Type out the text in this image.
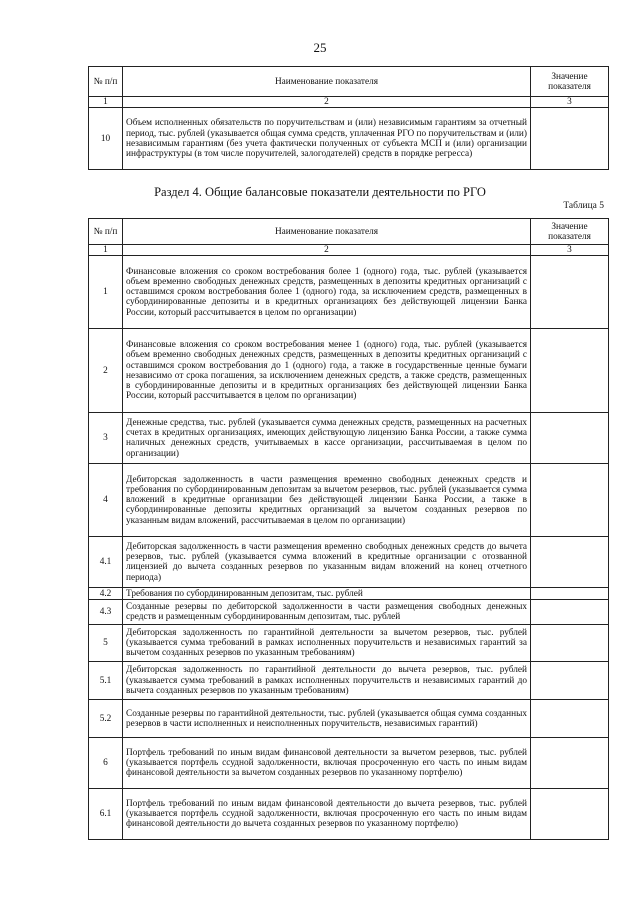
25
№ п/п	Наименование показателя	Значение показателя
1	2	3
10	Объем исполненных обязательств по поручительствам и (или) независимым гарантиям за отчетный период, тыс. рублей (указывается общая сумма средств, уплаченная РГО по поручительствам и (или) независимым гарантиям (без учета фактически полученных от субъекта МСП и (или) организации инфраструктуры (в том числе поручителей, залогодателей) средств в порядке регресса)	
Раздел 4. Общие балансовые показатели деятельности по РГО
Таблица 5
№ п/п	Наименование показателя	Значение показателя
1	2	3
1	Финансовые вложения со сроком востребования более 1 (одного) года, тыс. рублей (указывается объем временно свободных денежных средств, размещенных в депозиты кредитных организаций с оставшимся сроком востребования более 1 (одного) года, за исключением средств, размещенных в субординированные депозиты и в кредитных организациях без действующей лицензии Банка России, который рассчитывается в целом по организации)	
2	Финансовые вложения со сроком востребования менее 1 (одного) года, тыс. рублей (указывается объем временно свободных денежных средств, размещенных в депозиты кредитных организаций с оставшимся сроком востребования до 1 (одного) года, а также в государственные ценные бумаги независимо от срока погашения, за исключением денежных средств, а также средств, размещенных в субординированные депозиты и в кредитных организациях без действующей лицензии Банка России, который рассчитывается в целом по организации)	
3	Денежные средства, тыс. рублей (указывается сумма денежных средств, размещенных на расчетных счетах в кредитных организациях, имеющих действующую лицензию Банка России, а также сумма наличных денежных средств, учитываемых в кассе организации, рассчитываемая в целом по организации)	
4	Дебиторская задолженность в части размещения временно свободных денежных средств и требования по субординированным депозитам за вычетом резервов, тыс. рублей (указывается сумма вложений в кредитные организации без действующей лицензии Банка России, а также в субординированные депозиты кредитных организаций за вычетом созданных резервов по указанным видам вложений, рассчитываемая в целом по организации)	
4.1	Дебиторская задолженность в части размещения временно свободных денежных средств до вычета резервов, тыс. рублей (указывается сумма вложений в кредитные организации с отозванной лицензией до вычета созданных резервов по указанным видам вложений на конец отчетного периода)	
4.2	Требования по субординированным депозитам, тыс. рублей	
4.3	Созданные резервы по дебиторской задолженности в части размещения свободных денежных средств и размещенным субординированным депозитам, тыс. рублей	
5	Дебиторская задолженность по гарантийной деятельности за вычетом резервов, тыс. рублей (указывается сумма требований в рамках исполненных поручительств и независимых гарантий за вычетом созданных резервов по указанным требованиям)	
5.1	Дебиторская задолженность по гарантийной деятельности до вычета резервов, тыс. рублей (указывается сумма требований в рамках исполненных поручительств и независимых гарантий до вычета созданных резервов по указанным требованиям)	
5.2	Созданные резервы по гарантийной деятельности, тыс. рублей (указывается общая сумма созданных резервов в части исполненных и неисполненных поручительств, независимых гарантий)	
6	Портфель требований по иным видам финансовой деятельности за вычетом резервов, тыс. рублей (указывается портфель ссудной задолженности, включая просроченную его часть по иным видам финансовой деятельности за вычетом созданных резервов по указанному портфелю)	
6.1	Портфель требований по иным видам финансовой деятельности до вычета резервов, тыс. рублей (указывается портфель ссудной задолженности, включая просроченную его часть по иным видам финансовой деятельности до вычета созданных резервов по указанному портфелю)	
